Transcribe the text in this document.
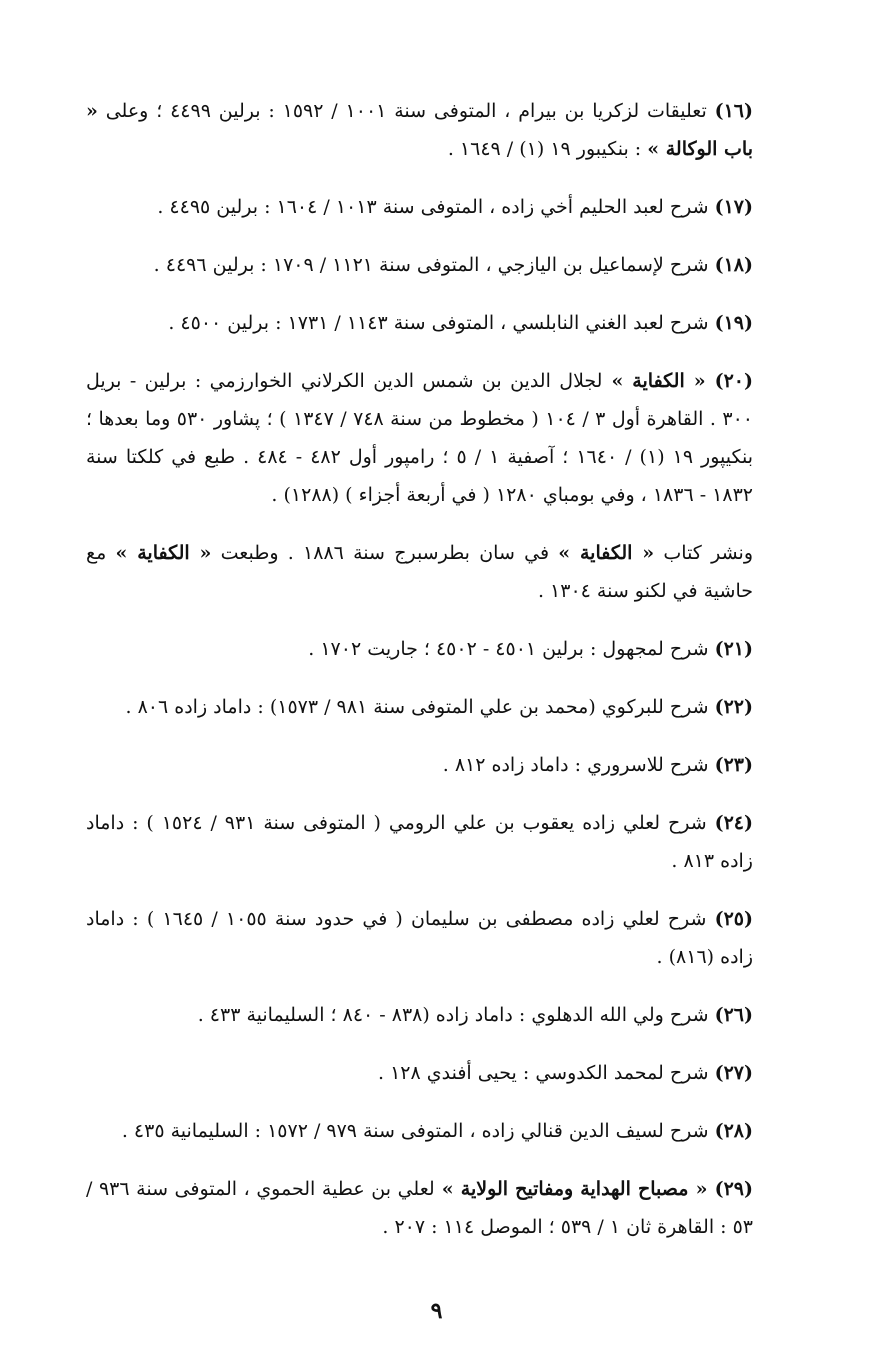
(١٦) تعليقات لزكريا بن بيرام ، المتوفى سنة ١٠٠١ / ١٥٩٢ : برلين ٤٤٩٩ ؛ وعلى « باب الوكالة » : بنكيبور ١٩ (١) / ١٦٤٩ .

(١٧) شرح لعبد الحليم أخي زاده ، المتوفى سنة ١٠١٣ / ١٦٠٤ : برلين ٤٤٩٥ .

(١٨) شرح لإسماعيل بن اليازجي ، المتوفى سنة ١١٢١ / ١٧٠٩ : برلين ٤٤٩٦ .

(١٩) شرح لعبد الغني النابلسي ، المتوفى سنة ١١٤٣ / ١٧٣١ : برلين ٤٥٠٠ .

(٢٠) « الكفاية » لجلال الدين بن شمس الدين الكرلاني الخوارزمي : برلين - بريل ٣٠٠ . القاهرة أول ٣ / ١٠٤ ( مخطوط من سنة ٧٤٨ / ١٣٤٧ ) ؛ پشاور ٥٣٠ وما بعدها ؛ بنكيپور ١٩ (١) / ١٦٤٠ ؛ آصفية ١ / ٥ ؛ رامپور أول ٤٨٢ - ٤٨٤ . طبع في كلكتا سنة ١٨٣٢ - ١٨٣٦ ، وفي بومباي ١٢٨٠ ( في أربعة أجزاء ) (١٢٨٨) .

ونشر كتاب « الكفاية » في سان بطرسبرج سنة ١٨٨٦ . وطبعت « الكفاية » مع حاشية في لكنو سنة ١٣٠٤ .

(٢١) شرح لمجهول : برلين ٤٥٠١ - ٤٥٠٢ ؛ جاريت ١٧٠٢ .

(٢٢) شرح للبركوي (محمد بن علي المتوفى سنة ٩٨١ / ١٥٧٣) : داماد زاده ٨٠٦ .

(٢٣) شرح للاسروري : داماد زاده ٨١٢ .

(٢٤) شرح لعلي زاده يعقوب بن علي الرومي ( المتوفى سنة ٩٣١ / ١٥٢٤ ) : داماد زاده ٨١٣ .

(٢٥) شرح لعلي زاده مصطفى بن سليمان ( في حدود سنة ١٠٥٥ / ١٦٤٥ ) : داماد زاده (٨١٦) .

(٢٦) شرح ولي الله الدهلوي : داماد زاده (٨٣٨ - ٨٤٠ ؛ السليمانية ٤٣٣ .

(٢٧) شرح لمحمد الكدوسي : يحيى أفندي ١٢٨ .

(٢٨) شرح لسيف الدين قنالي زاده ، المتوفى سنة ٩٧٩ / ١٥٧٢ : السليمانية ٤٣٥ .

(٢٩) « مصباح الهداية ومفاتيح الولاية » لعلي بن عطية الحموي ، المتوفى سنة ٩٣٦ / ٥٣ : القاهرة ثان ١ / ٥٣٩ ؛ الموصل ١١٤ : ٢٠٧ .

٩
